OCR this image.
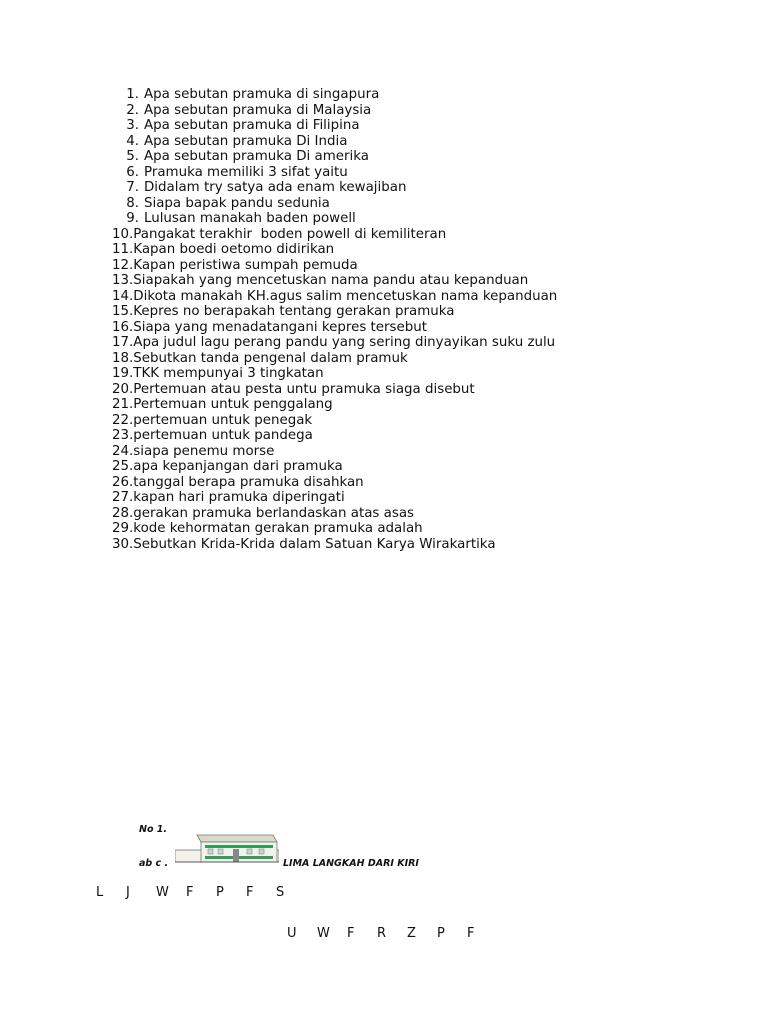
1. Apa sebutan pramuka di singapura
2. Apa sebutan pramuka di Malaysia
3. Apa sebutan pramuka di Filipina
4. Apa sebutan pramuka Di India
5. Apa sebutan pramuka Di amerika
6. Pramuka memiliki 3 sifat yaitu
7. Didalam try satya ada enam kewajiban
8. Siapa bapak pandu sedunia
9. Lulusan manakah baden powell
10. Pangakat terakhir  boden powell di kemiliteran
11. Kapan boedi oetomo didirikan
12. Kapan peristiwa sumpah pemuda
13. Siapakah yang mencetuskan nama pandu atau kepanduan
14. Dikota manakah KH.agus salim mencetuskan nama kepanduan
15. Kepres no berapakah tentang gerakan pramuka
16. Siapa yang menadatangani kepres tersebut
17. Apa judul lagu perang pandu yang sering dinyayikan suku zulu
18. Sebutkan tanda pengenal dalam pramuk
19. TKK mempunyai 3 tingkatan
20. Pertemuan atau pesta untu pramuka siaga disebut
21. Pertemuan untuk penggalang
22. pertemuan untuk penegak
23. pertemuan untuk pandega
24. siapa penemu morse
25. apa kepanjangan dari pramuka
26. tanggal berapa pramuka disahkan
27. kapan hari pramuka diperingati
28. gerakan pramuka berlandaskan atas asas
29. kode kehormatan gerakan pramuka adalah
30. Sebutkan Krida-Krida dalam Satuan Karya Wirakartika
No 1.
ab c .	LIMA LANGKAH DARI KIRI
L	J	W	F	P	F	S
U	W	F	R	Z	P	F
